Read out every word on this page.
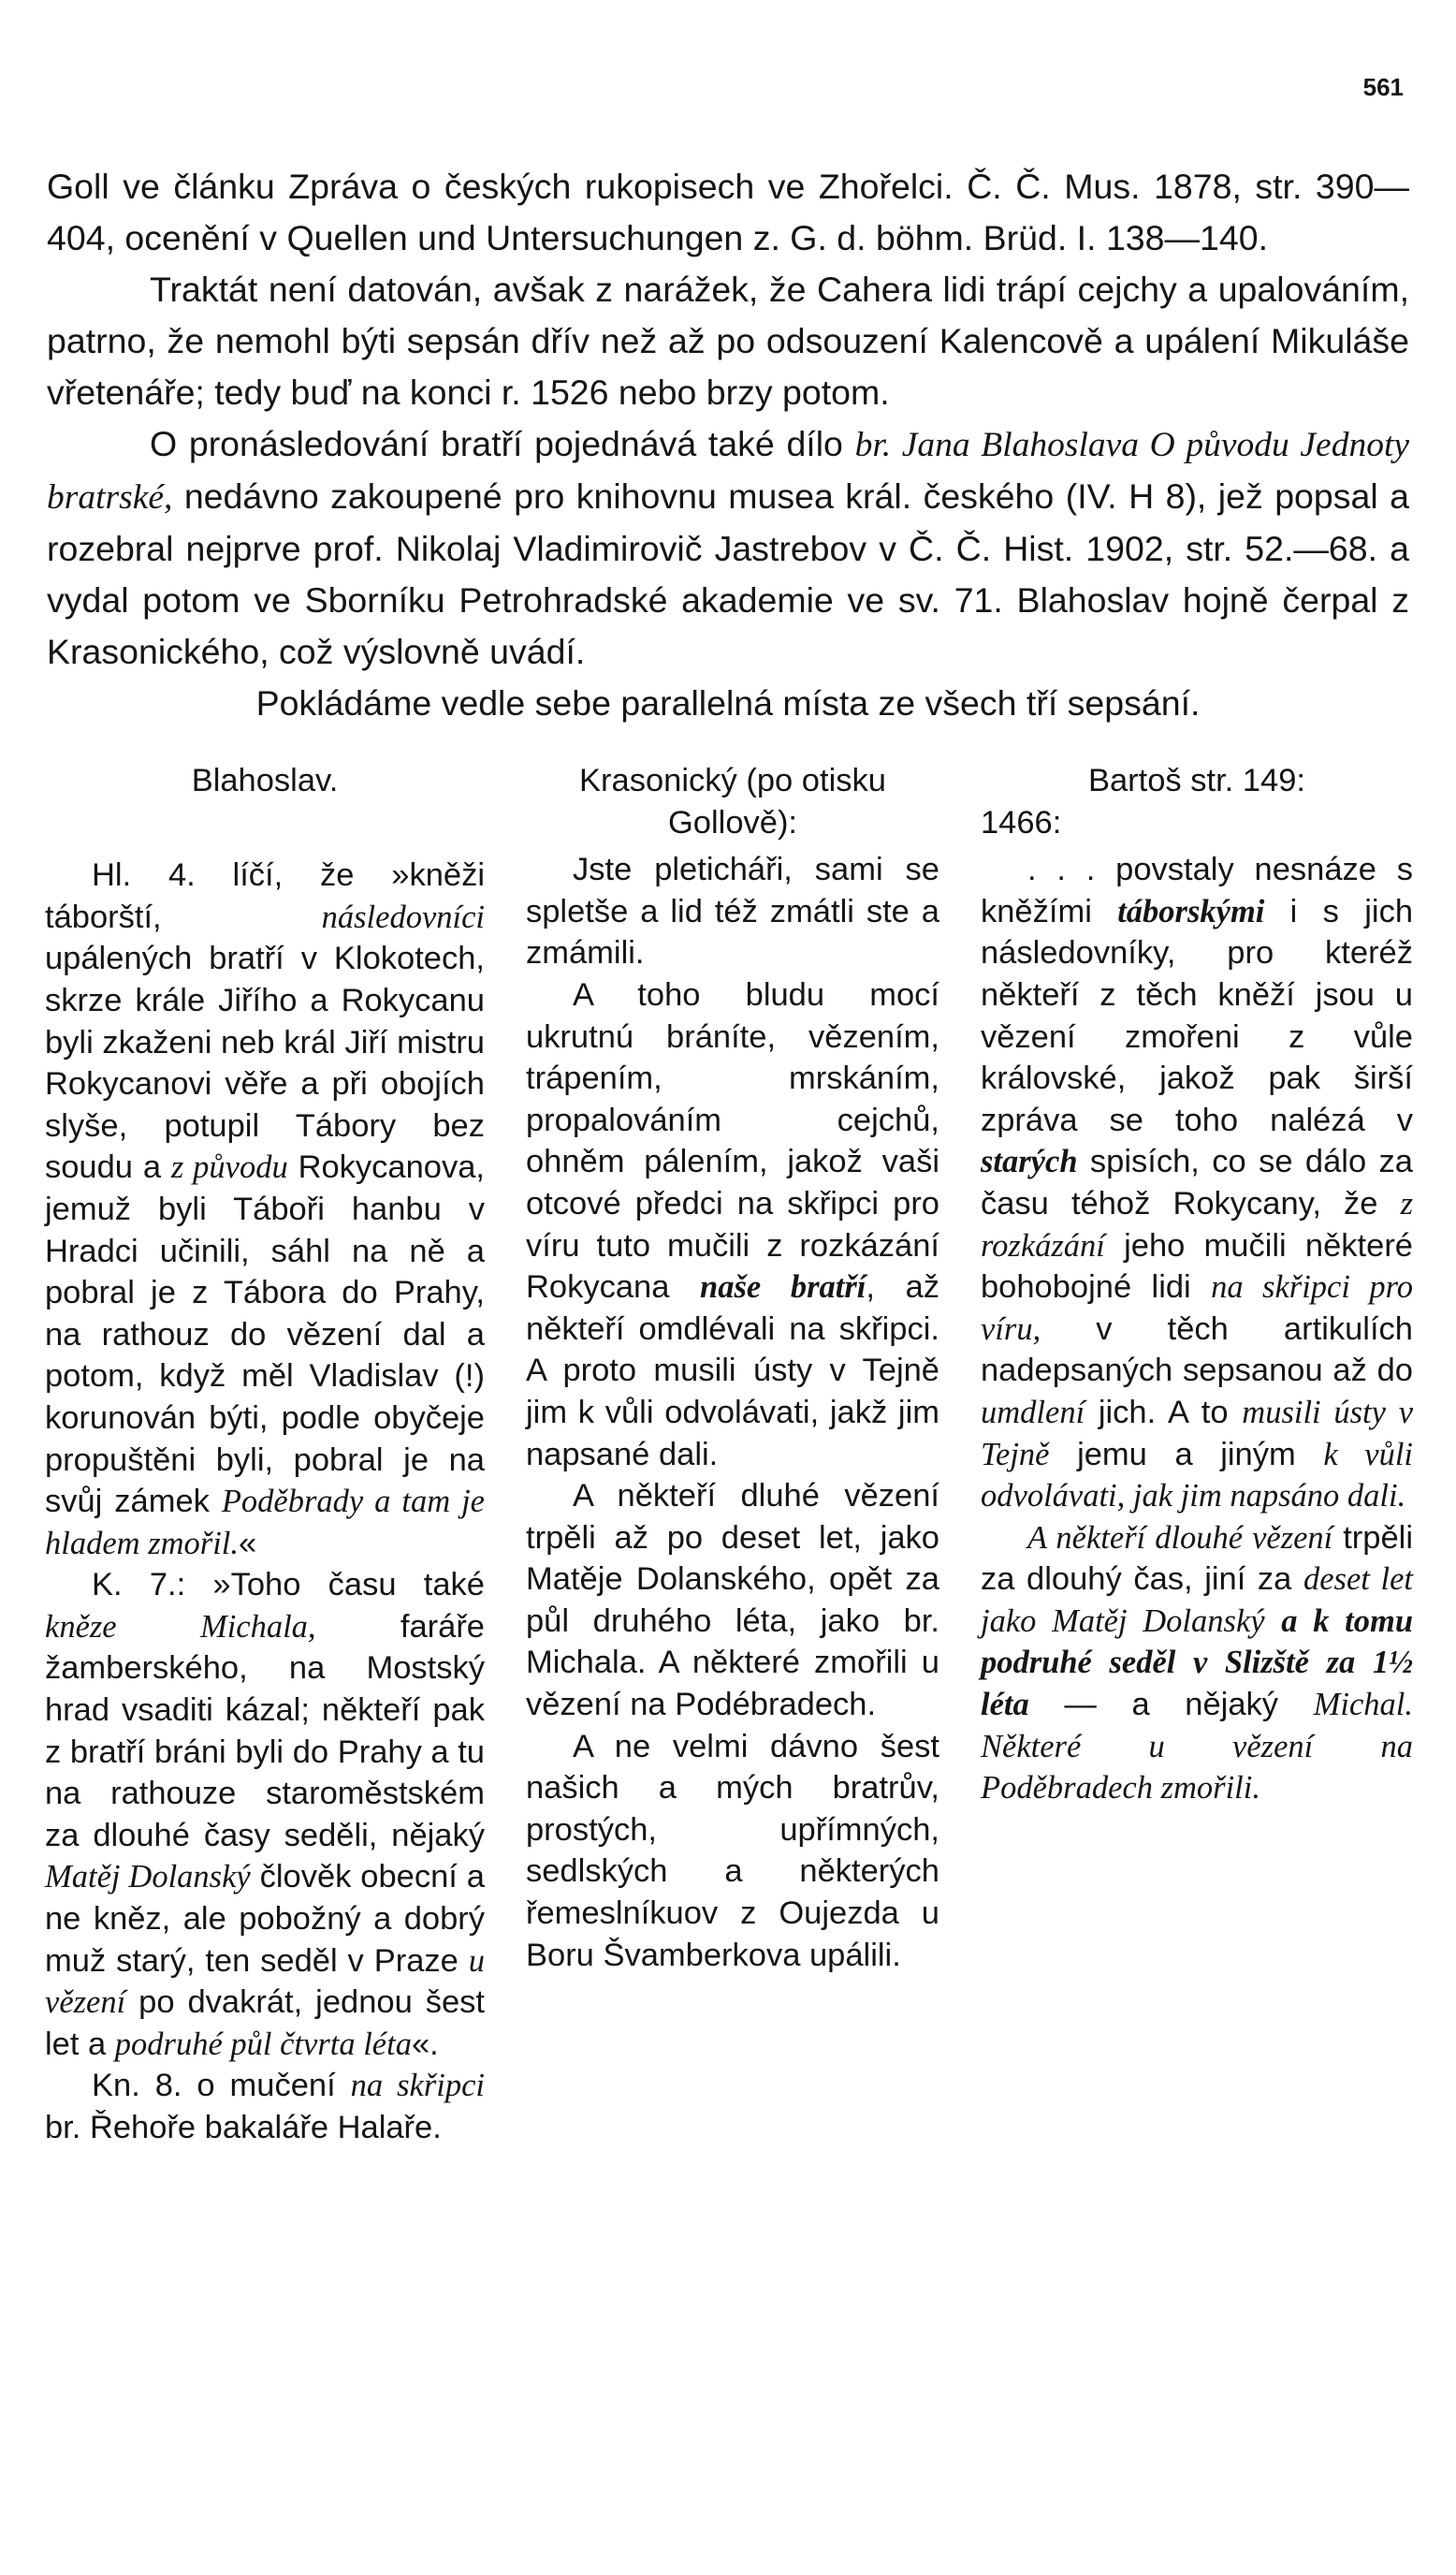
561

Goll ve článku Zpráva o českých rukopisech ve Zhořelci. Č. Č. Mus. 1878, str. 390—404, ocenění v Quellen und Untersuchungen z. G. d. böhm. Brüd. I. 138—140.

Traktát není datován, avšak z narážek, že Cahera lidi trápí cejchy a upalováním, patrno, že nemohl býti sepsán dřív než až po odsouzení Kalencově a upálení Mikuláše vřetenáře; tedy buď na konci r. 1526 nebo brzy potom.

O pronásledování bratří pojednává také dílo br. Jana Blahoslava O původu Jednoty bratrské, nedávno zakoupené pro knihovnu musea král. českého (IV. H 8), jež popsal a rozebral nejprve prof. Nikolaj Vladimirovič Jastrebov v Č. Č. Hist. 1902, str. 52.—68. a vydal potom ve Sborníku Petrohradské akademie ve sv. 71. Blahoslav hojně čerpal z Krasonického, což výslovně uvádí.

Pokládáme vedle sebe parallelná místa ze všech tří sepsání.

Blahoslav.

Hl. 4. líčí, že »kněži táborští, následovníci upálených bratří v Klokotech, skrze krále Jiřího a Rokycanu byli zkaženi neb král Jiří mistru Rokycanovi věře a při obojích slyše, potupil Tábory bez soudu a z původu Rokycanova, jemuž byli Táboři hanbu v Hradci učinili, sáhl na ně a pobral je z Tábora do Prahy, na rathouz do vězení dal a potom, když měl Vladislav (!) korunován býti, podle obyčeje propuštěni byli, pobral je na svůj zámek Poděbrady a tam je hladem zmořil.«

K. 7.: »Toho času také kněze Michala, faráře žamberského, na Mostský hrad vsaditi kázal; někteří pak z bratří bráni byli do Prahy a tu na rathouze staroměstském za dlouhé časy seděli, nějaký Matěj Dolanský člověk obecní a ne kněz, ale pobožný a dobrý muž starý, ten seděl v Praze u vězení po dvakrát, jednou šest let a podruhé půl čtvrta léta«.

Kn. 8. o mučení na skřipci br. Řehoře bakaláře Halaře.

Krasonický (po otisku
Gollově):

Jste pleticháři, sami se spletše a lid též zmátli ste a zmámili.

A toho bludu mocí ukrutnú bráníte, vězením, trápením, mrskáním, propalováním cejchů, ohněm pálením, jakož vaši otcové předci na skřipci pro víru tuto mučili z rozkázání Rokycana naše bratří, až někteří omdlévali na skřipci. A proto musili ústy v Tejně jim k vůli odvolávati, jakž jim napsané dali.

A někteří dluhé vězení trpěli až po deset let, jako Matěje Dolanského, opět za půl druhého léta, jako br. Michala. A některé zmořili u vězení na Podébradech.

A ne velmi dávno šest našich a mých bratrův, prostých, upřímných, sedlských a některých řemeslníkuov z Oujezda u Boru Švamberkova upálili.

Bartoš str. 149:
1466:

. . . povstaly nesnáze s kněžími táborskými i s jich následovníky, pro kteréž někteří z těch kněží jsou u vězení zmořeni z vůle královské, jakož pak širší zpráva se toho nalézá v starých spisích, co se dálo za času téhož Rokycany, že z rozkázání jeho mučili některé bohobojné lidi na skřipci pro víru, v těch artikulích nadepsaných sepsanou až do umdlení jich. A to musili ústy v Tejně jemu a jiným k vůli odvolávati, jak jim napsáno dali.

A někteří dlouhé vězení trpěli za dlouhý čas, jiní za deset let jako Matěj Dolanský a k tomu podruhé seděl v Slizště za 1½ léta — a nějaký Michal. Některé u vězení na Poděbradech zmořili.
